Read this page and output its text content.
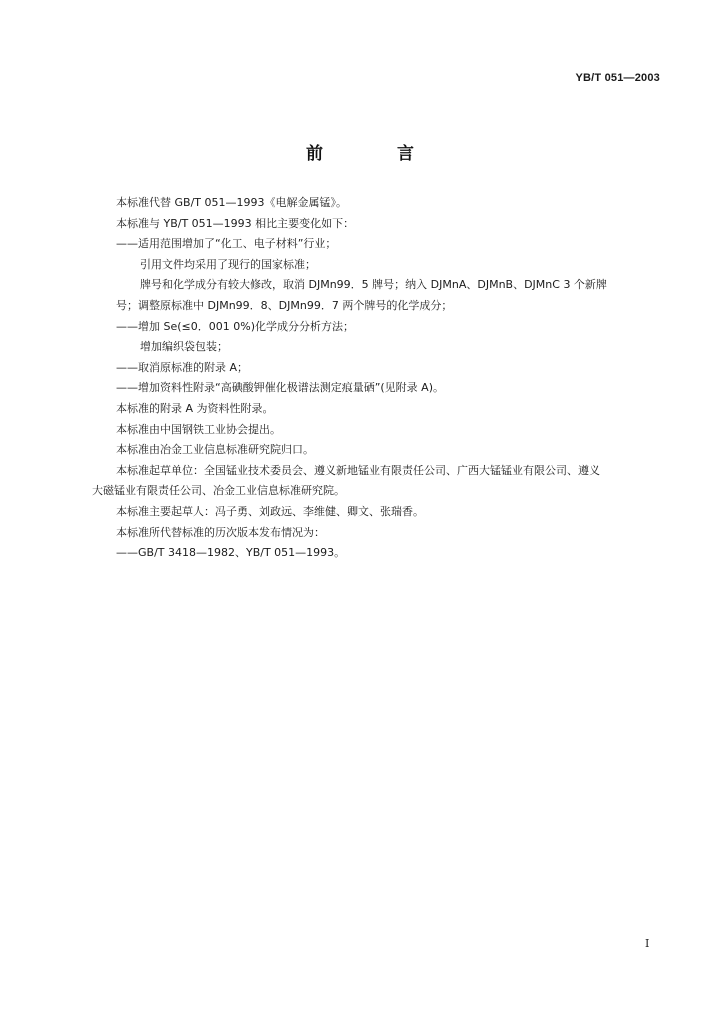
YB/T 051—2003
前 言

本标准代替 GB/T 051—1993《电解金属锰》。

本标准与 YB/T 051—1993 相比主要变化如下：

——适用范围增加了“化工、电子材料”行业；

引用文件均采用了现行的国家标准；

牌号和化学成分有较大修改，取消 DJMn99．5 牌号；纳入 DJMnA、DJMnB、DJMnC 3 个新牌

号；调整原标准中 DJMn99．8、DJMn99．7 两个牌号的化学成分；

——增加 Se(≤0．001 0%)化学成分分析方法；

增加编织袋包装；

——取消原标准的附录 A；

——增加资料性附录“高碘酸钾催化极谱法测定痕量硒”(见附录 A)。

本标准的附录 A 为资料性附录。

本标准由中国钢铁工业协会提出。

本标准由冶金工业信息标准研究院归口。

本标准起草单位：全国锰业技术委员会、遵义新地锰业有限责任公司、广西大锰锰业有限公司、遵义

大磁锰业有限责任公司、冶金工业信息标准研究院。

本标准主要起草人：冯子勇、刘政远、李维健、卿文、张瑞香。

本标准所代替标准的历次版本发布情况为：

——GB/T 3418—1982、YB/T 051—1993。

I
